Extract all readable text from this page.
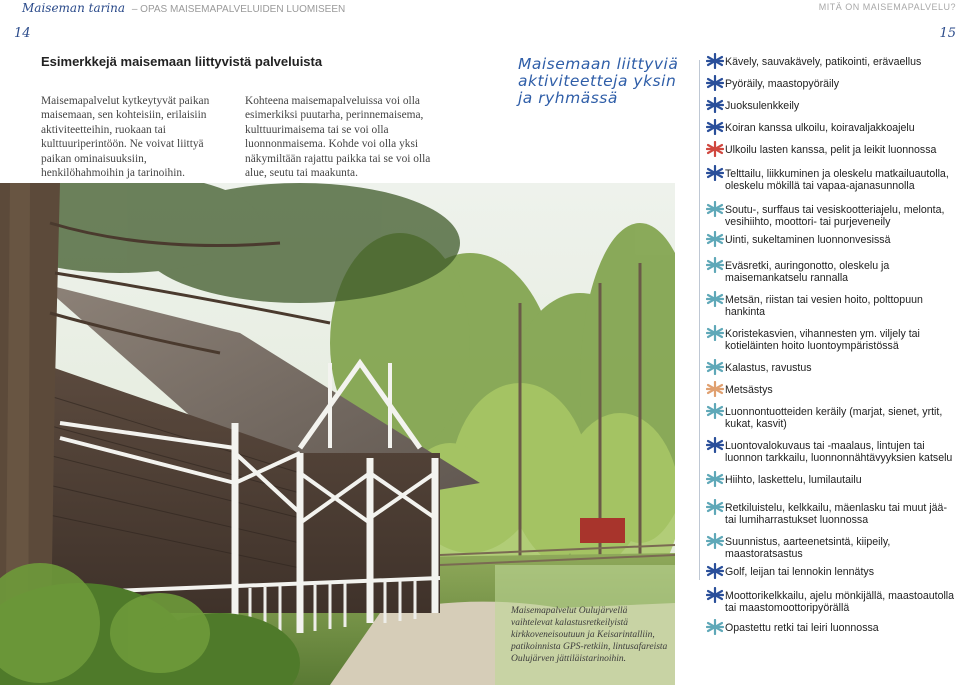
Maiseman tarina – OPAS MAISEMAPALVELUIDEN LUOMISEEN	MITÄ ON MAISEMAPALVELU?
14	15
Esimerkkejä maisemaan liittyvistä palveluista
Maisemapalvelut kytkeytyvät paikan maisemaan, sen kohteisiin, erilaisiin aktiviteetteihin, ruokaan tai kulttuuriperintöön. Ne voivat liittyä paikan ominaisuuksiin, henkilöhahmoihin ja tarinoihin.
Kohteena maisemapalveluissa voi olla esimerkiksi puutarha, perinnemaisema, kulttuurimaisema tai se voi olla luonnonmaisema. Kohde voi olla yksi näkymiltään rajattu paikka tai se voi olla alue, seutu tai maakunta.
Maisemaan liittyviä aktiviteetteja yksin ja ryhmässä
Maisemapalvelut Oulujärvellä vaihtelevat kalastusretkeilyistä kirkkoveneisoutuun ja Keisarintalliin, patikoinnista GPS-retkiin, lintusafareista Oulujärven jättiläistarinoihin.
Kävely, sauvakävely, patikointi, erävaellus
Pyöräily, maastopyöräily
Juoksulenkkeily
Koiran kanssa ulkoilu, koiravaljakkoajelu
Ulkoilu lasten kanssa, pelit ja leikit luonnossa
Telttailu, liikkuminen ja oleskelu matkailuautolla, oleskelu mökillä tai vapaa-ajanasunnolla
Soutu-, surffaus tai vesiskootteriajelu, melonta, vesihiihto, moottori- tai purjeveneily
Uinti, sukeltaminen luonnonvesissä
Eväsretki, auringonotto, oleskelu ja maisemankatselu rannalla
Metsän, riistan tai vesien hoito, polttopuun hankinta
Koristekasvien, vihannesten ym. viljely tai kotieläinten hoito luontoympäristössä
Kalastus, ravustus
Metsästys
Luonnontuotteiden keräily (marjat, sienet, yrtit, kukat, kasvit)
Luontovalokuvaus tai -maalaus, lintujen tai luonnon tarkkailu, luonnonnähtävyyksien katselu
Hiihto, laskettelu, lumilautailu
Retkiluistelu, kelkkailu, mäenlasku tai muut jää- tai lumiharrastukset luonnossa
Suunnistus, aarteenetsintä, kiipeily, maastoratsastus
Golf, leijan tai lennokin lennätys
Moottorikelkkailu, ajelu mönkijällä, maastoautolla tai maastomoottoripyörällä
Opastettu retki tai leiri luonnossa
